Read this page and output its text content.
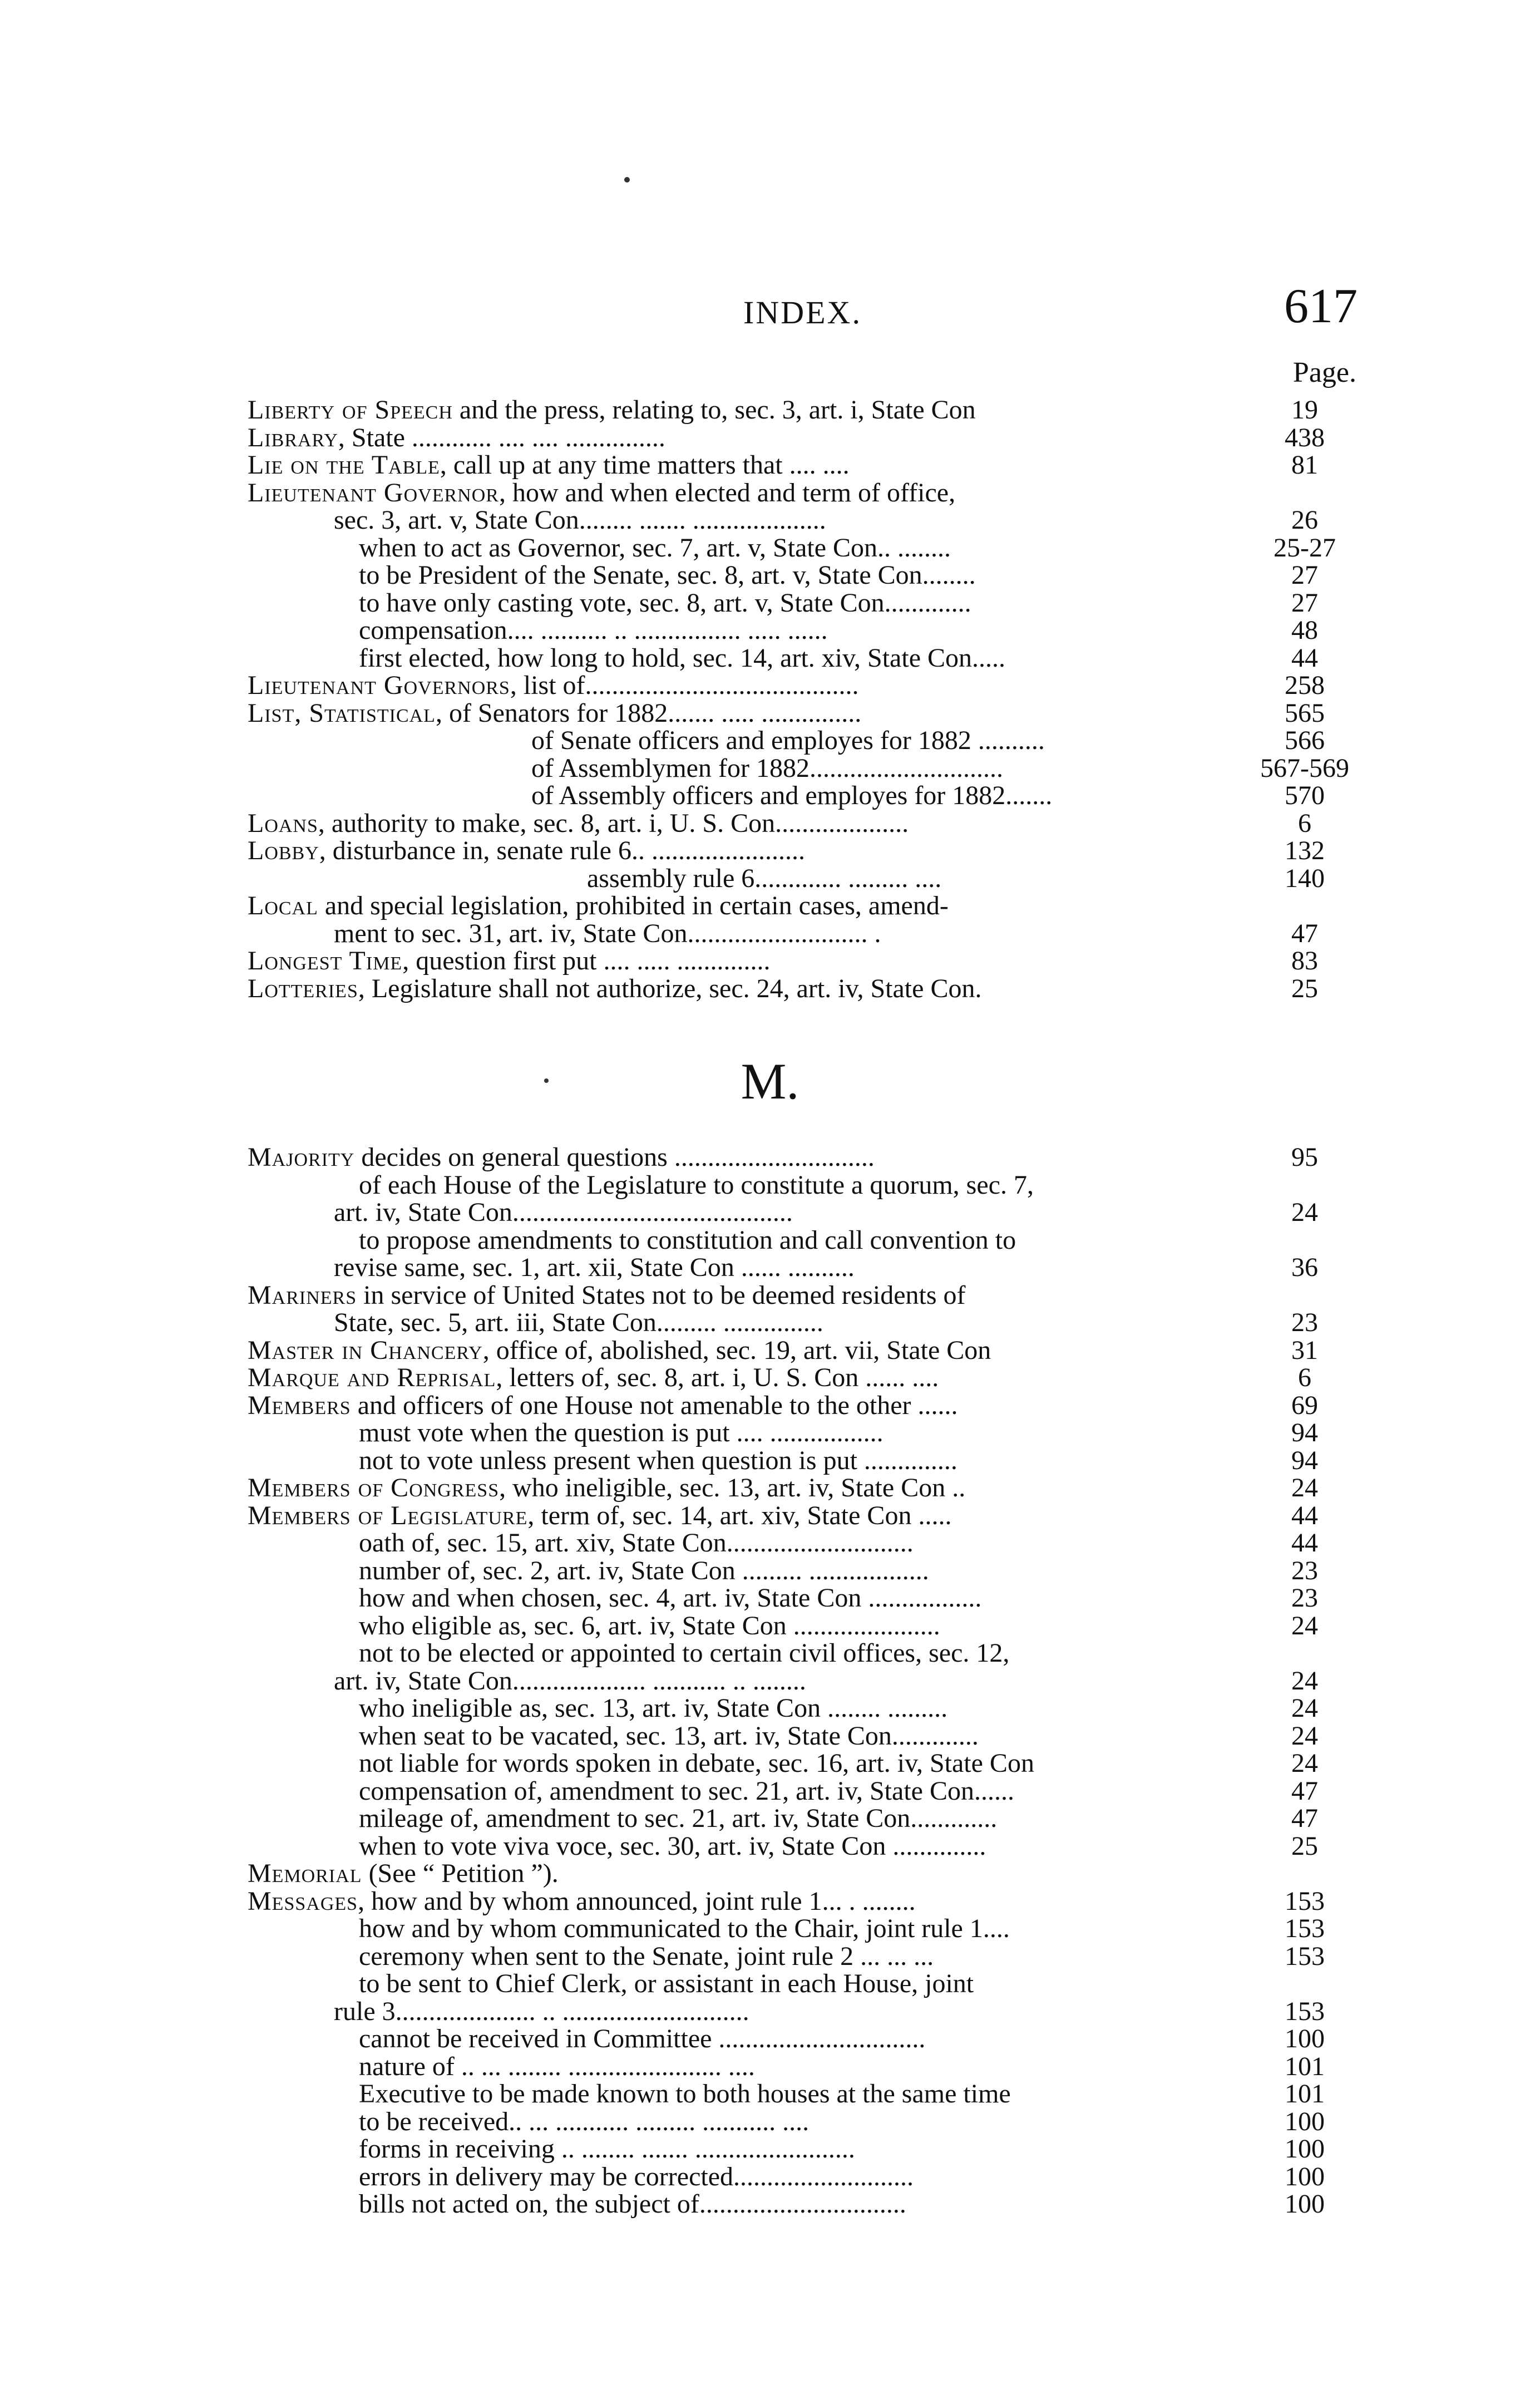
INDEX.	617
Page.
Liberty of Speech and the press, relating to, sec. 3, art. i, State Con	19
Library, State ............ .... .... ...............	438
Lie on the Table, call up at any time matters that .... ....	81
Lieutenant Governor, how and when elected and term of office,
sec. 3, art. v, State Con........ ....... ....................	26
when to act as Governor, sec. 7, art. v, State Con.. ........	25-27
to be President of the Senate, sec. 8, art. v, State Con........	27
to have only casting vote, sec. 8, art. v, State Con.............	27
compensation.... .......... .. ................ ..... ......	48
first elected, how long to hold, sec. 14, art. xiv, State Con.....	44
Lieutenant Governors, list of.........................................	258
List, Statistical, of Senators for 1882....... ..... ...............	565
of Senate officers and employes for 1882 ..........	566
of Assemblymen for 1882.............................	567-569
of Assembly officers and employes for 1882.......	570
Loans, authority to make, sec. 8, art. i, U. S. Con....................	6
Lobby, disturbance in, senate rule 6.. .......................	132
assembly rule 6............. ......... ....	140
Local and special legislation, prohibited in certain cases, amend-
ment to sec. 31, art. iv, State Con........................... .	47
Longest Time, question first put .... ..... ..............	83
Lotteries, Legislature shall not authorize, sec. 24, art. iv, State Con.	25
M.
Majority decides on general questions ..............................	95
of each House of the Legislature to constitute a quorum, sec. 7,
art. iv, State Con..........................................	24
to propose amendments to constitution and call convention to
revise same, sec. 1, art. xii, State Con ...... ..........	36
Mariners in service of United States not to be deemed residents of
State, sec. 5, art. iii, State Con......... ...............	23
Master in Chancery, office of, abolished, sec. 19, art. vii, State Con	31
Marque and Reprisal, letters of, sec. 8, art. i, U. S. Con ...... ....	6
Members and officers of one House not amenable to the other ......	69
must vote when the question is put .... .................	94
not to vote unless present when question is put ..............	94
Members of Congress, who ineligible, sec. 13, art. iv, State Con ..	24
Members of Legislature, term of, sec. 14, art. xiv, State Con .....	44
oath of, sec. 15, art. xiv, State Con............................	44
number of, sec. 2, art. iv, State Con ......... ..................	23
how and when chosen, sec. 4, art. iv, State Con .................	23
who eligible as, sec. 6, art. iv, State Con ......................	24
not to be elected or appointed to certain civil offices, sec. 12,
art. iv, State Con.................... ........... .. ........	24
who ineligible as, sec. 13, art. iv, State Con ........ .........	24
when seat to be vacated, sec. 13, art. iv, State Con.............	24
not liable for words spoken in debate, sec. 16, art. iv, State Con	24
compensation of, amendment to sec. 21, art. iv, State Con......	47
mileage of, amendment to sec. 21, art. iv, State Con.............	47
when to vote viva voce, sec. 30, art. iv, State Con ..............	25
Memorial (See “ Petition ”).
Messages, how and by whom announced, joint rule 1... . ........	153
how and by whom communicated to the Chair, joint rule 1....	153
ceremony when sent to the Senate, joint rule 2 ... ... ...	153
to be sent to Chief Clerk, or assistant in each House, joint
rule 3..................... .. ............................	153
cannot be received in Committee ...............................	100
nature of .. ... ........ ....................... ....	101
Executive to be made known to both houses at the same time	101
to be received.. ... ........... ......... ........... ....	100
forms in receiving .. ........ ....... ........................	100
errors in delivery may be corrected...........................	100
bills not acted on, the subject of...............................	100
